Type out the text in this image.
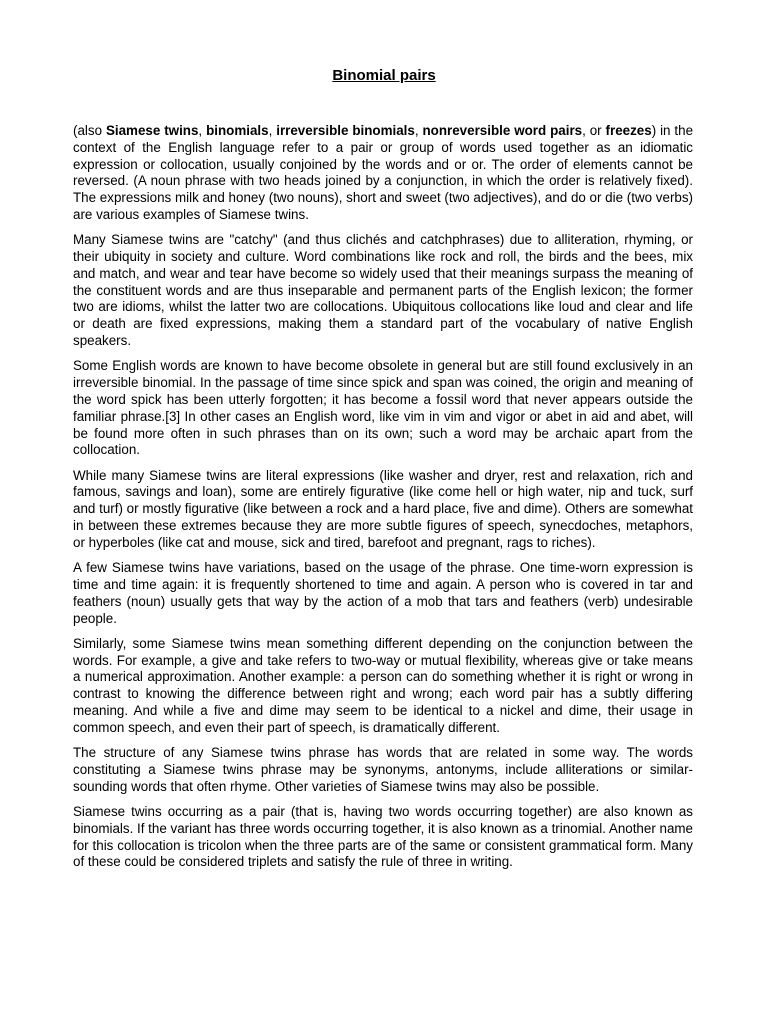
Binomial pairs

(also Siamese twins, binomials, irreversible binomials, nonreversible word pairs, or freezes) in the context of the English language refer to a pair or group of words used together as an idiomatic expression or collocation, usually conjoined by the words and or or. The order of elements cannot be reversed. (A noun phrase with two heads joined by a conjunction, in which the order is relatively fixed). The expressions milk and honey (two nouns), short and sweet (two adjectives), and do or die (two verbs) are various examples of Siamese twins.

Many Siamese twins are "catchy" (and thus clichés and catchphrases) due to alliteration, rhyming, or their ubiquity in society and culture. Word combinations like rock and roll, the birds and the bees, mix and match, and wear and tear have become so widely used that their meanings surpass the meaning of the constituent words and are thus inseparable and permanent parts of the English lexicon; the former two are idioms, whilst the latter two are collocations. Ubiquitous collocations like loud and clear and life or death are fixed expressions, making them a standard part of the vocabulary of native English speakers.

Some English words are known to have become obsolete in general but are still found exclusively in an irreversible binomial. In the passage of time since spick and span was coined, the origin and meaning of the word spick has been utterly forgotten; it has become a fossil word that never appears outside the familiar phrase.[3] In other cases an English word, like vim in vim and vigor or abet in aid and abet, will be found more often in such phrases than on its own; such a word may be archaic apart from the collocation.

While many Siamese twins are literal expressions (like washer and dryer, rest and relaxation, rich and famous, savings and loan), some are entirely figurative (like come hell or high water, nip and tuck, surf and turf) or mostly figurative (like between a rock and a hard place, five and dime). Others are somewhat in between these extremes because they are more subtle figures of speech, synecdoches, metaphors, or hyperboles (like cat and mouse, sick and tired, barefoot and pregnant, rags to riches).

A few Siamese twins have variations, based on the usage of the phrase. One time-worn expression is time and time again: it is frequently shortened to time and again. A person who is covered in tar and feathers (noun) usually gets that way by the action of a mob that tars and feathers (verb) undesirable people.

Similarly, some Siamese twins mean something different depending on the conjunction between the words. For example, a give and take refers to two-way or mutual flexibility, whereas give or take means a numerical approximation. Another example: a person can do something whether it is right or wrong in contrast to knowing the difference between right and wrong; each word pair has a subtly differing meaning. And while a five and dime may seem to be identical to a nickel and dime, their usage in common speech, and even their part of speech, is dramatically different.

The structure of any Siamese twins phrase has words that are related in some way. The words constituting a Siamese twins phrase may be synonyms, antonyms, include alliterations or similar-sounding words that often rhyme. Other varieties of Siamese twins may also be possible.

Siamese twins occurring as a pair (that is, having two words occurring together) are also known as binomials. If the variant has three words occurring together, it is also known as a trinomial. Another name for this collocation is tricolon when the three parts are of the same or consistent grammatical form. Many of these could be considered triplets and satisfy the rule of three in writing.
